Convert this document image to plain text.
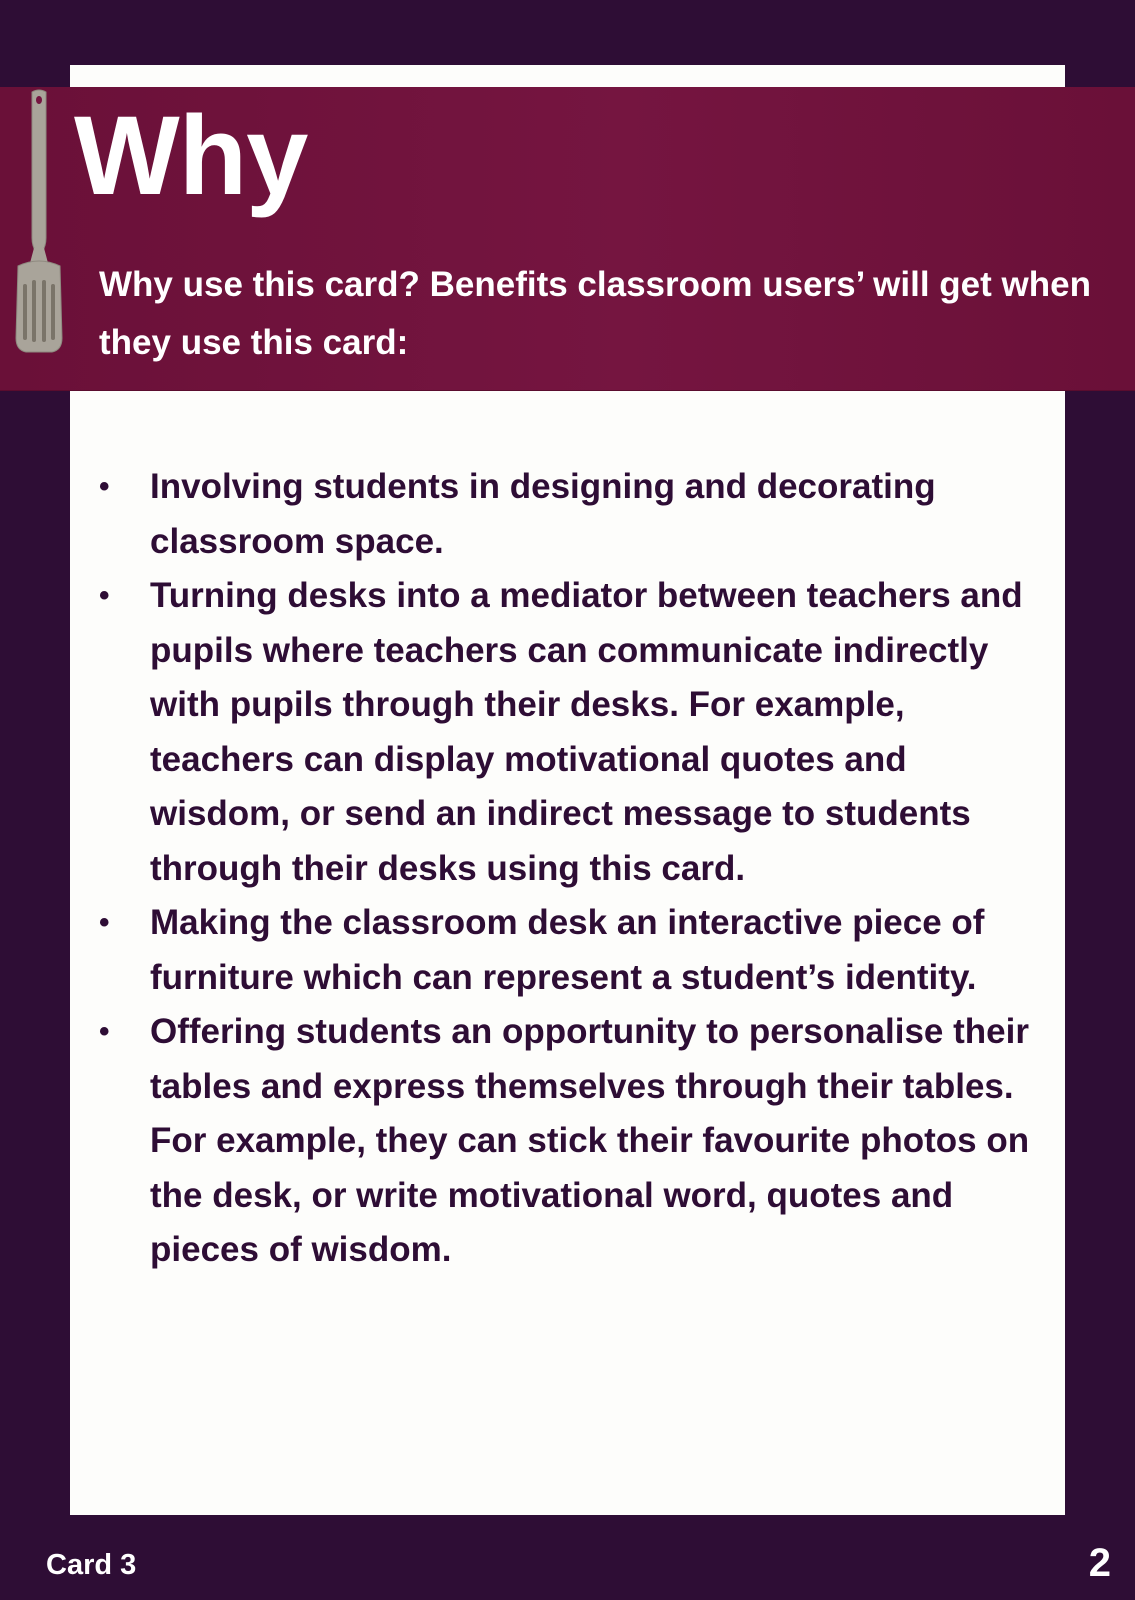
Why

Why use this card? Benefits classroom users’ will get when they use this card:

• Involving students in designing and decorating classroom space.
• Turning desks into a mediator between teachers and pupils where teachers can communicate indirectly with pupils through their desks. For example, teachers can display motivational quotes and wisdom, or send an indirect message to students through their desks using this card.
• Making the classroom desk an interactive piece of furniture which can represent a student’s identity.
• Offering students an opportunity to personalise their tables and express themselves through their tables. For example, they can stick their favourite photos on the desk, or write motivational word, quotes and pieces of wisdom.

Card 3	2
